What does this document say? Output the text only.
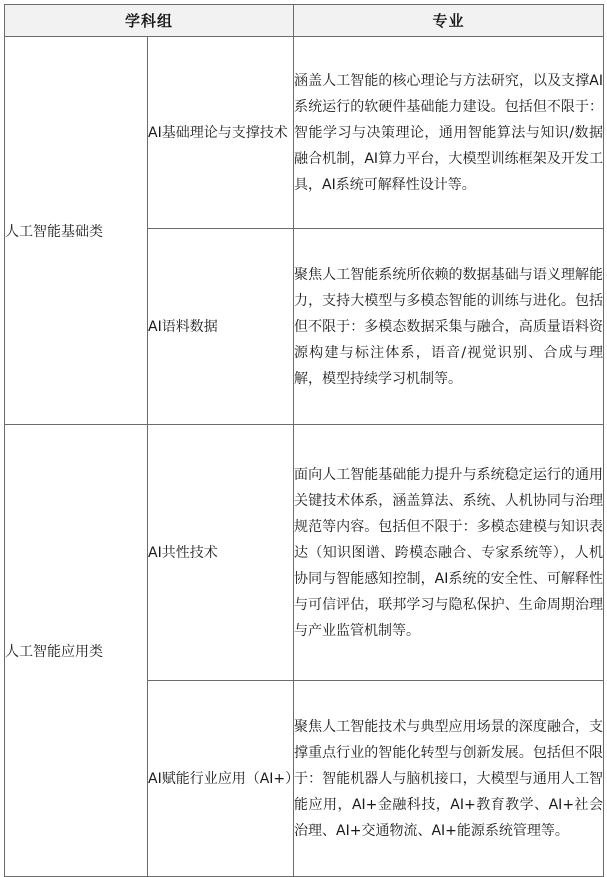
学科组		专业
人工智能基础类	AI基础理论与支撑技术	涵盖人工智能的核心理论与方法研究，以及支撑AI系统运行的软硬件基础能力建设。包括但不限于：智能学习与决策理论，通用智能算法与知识/数据融合机制，AI算力平台，大模型训练框架及开发工具，AI系统可解释性设计等。
	AI语料数据	聚焦人工智能系统所依赖的数据基础与语义理解能力，支持大模型与多模态智能的训练与进化。包括但不限于：多模态数据采集与融合，高质量语料资源构建与标注体系，语音/视觉识别、合成与理解，模型持续学习机制等。
人工智能应用类	AI共性技术	面向人工智能基础能力提升与系统稳定运行的通用关键技术体系，涵盖算法、系统、人机协同与治理规范等内容。包括但不限于：多模态建模与知识表达（知识图谱、跨模态融合、专家系统等），人机协同与智能感知控制，AI系统的安全性、可解释性与可信评估，联邦学习与隐私保护、生命周期治理与产业监管机制等。
	AI赋能行业应用（AI+）	聚焦人工智能技术与典型应用场景的深度融合，支撑重点行业的智能化转型与创新发展。包括但不限于：智能机器人与脑机接口，大模型与通用人工智能应用，AI+金融科技，AI+教育教学、AI+社会治理、AI+交通物流、AI+能源系统管理等。
